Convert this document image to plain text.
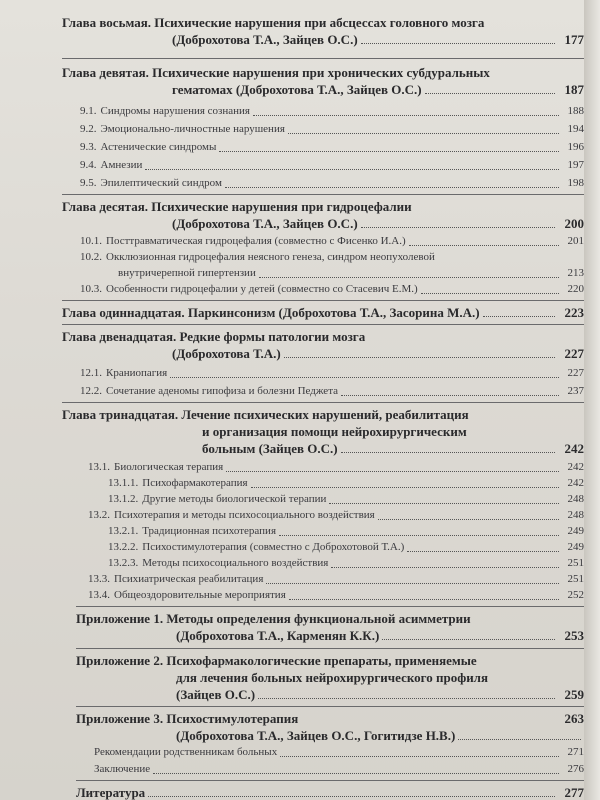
Глава восьмая. Психические нарушения при абсцессах головного мозга
(Доброхотова Т.А., Зайцев О.С.)	177
Глава девятая. Психические нарушения при хронических субдуральных
гематомах (Доброхотова Т.А., Зайцев О.С.)	187
9.1. Синдромы нарушения сознания	188
9.2. Эмоционально-личностные нарушения	194
9.3. Астенические синдромы	196
9.4. Амнезии	197
9.5. Эпилептический синдром	198
Глава десятая. Психические нарушения при гидроцефалии
(Доброхотова Т.А., Зайцев О.С.)	200
10.1. Посттравматическая гидроцефалия (совместно с Фисенко И.А.)	201
10.2. Окклюзионная гидроцефалия неясного генеза, синдром неопухолевой
внутричерепной гипертензии	213
10.3. Особенности гидроцефалии у детей (совместно со Стасевич Е.М.)	220
Глава одиннадцатая. Паркинсонизм (Доброхотова Т.А., Засорина М.А.)	223
Глава двенадцатая. Редкие формы патологии мозга
(Доброхотова Т.А.)	227
12.1. Краниопагия	227
12.2. Сочетание аденомы гипофиза и болезни Педжета	237
Глава тринадцатая. Лечение психических нарушений, реабилитация
и организация помощи нейрохирургическим
больным (Зайцев О.С.)	242
13.1. Биологическая терапия	242
13.1.1. Психофармакотерапия	242
13.1.2. Другие методы биологической терапии	248
13.2. Психотерапия и методы психосоциального воздействия	248
13.2.1. Традиционная психотерапия	249
13.2.2. Психостимулотерапия (совместно с Доброхотовой Т.А.)	249
13.2.3. Методы психосоциального воздействия	251
13.3. Психиатрическая реабилитация	251
13.4. Общеоздоровительные мероприятия	252
Приложение 1. Методы определения функциональной асимметрии
(Доброхотова Т.А., Карменян К.К.)	253
Приложение 2. Психофармакологические препараты, применяемые
для лечения больных нейрохирургического профиля
(Зайцев О.С.)	259
Приложение 3. Психостимулотерапия	263
(Доброхотова Т.А., Зайцев О.С., Гогитидзе Н.В.)
Рекомендации родственникам больных	271
Заключение	276
Литература	277
